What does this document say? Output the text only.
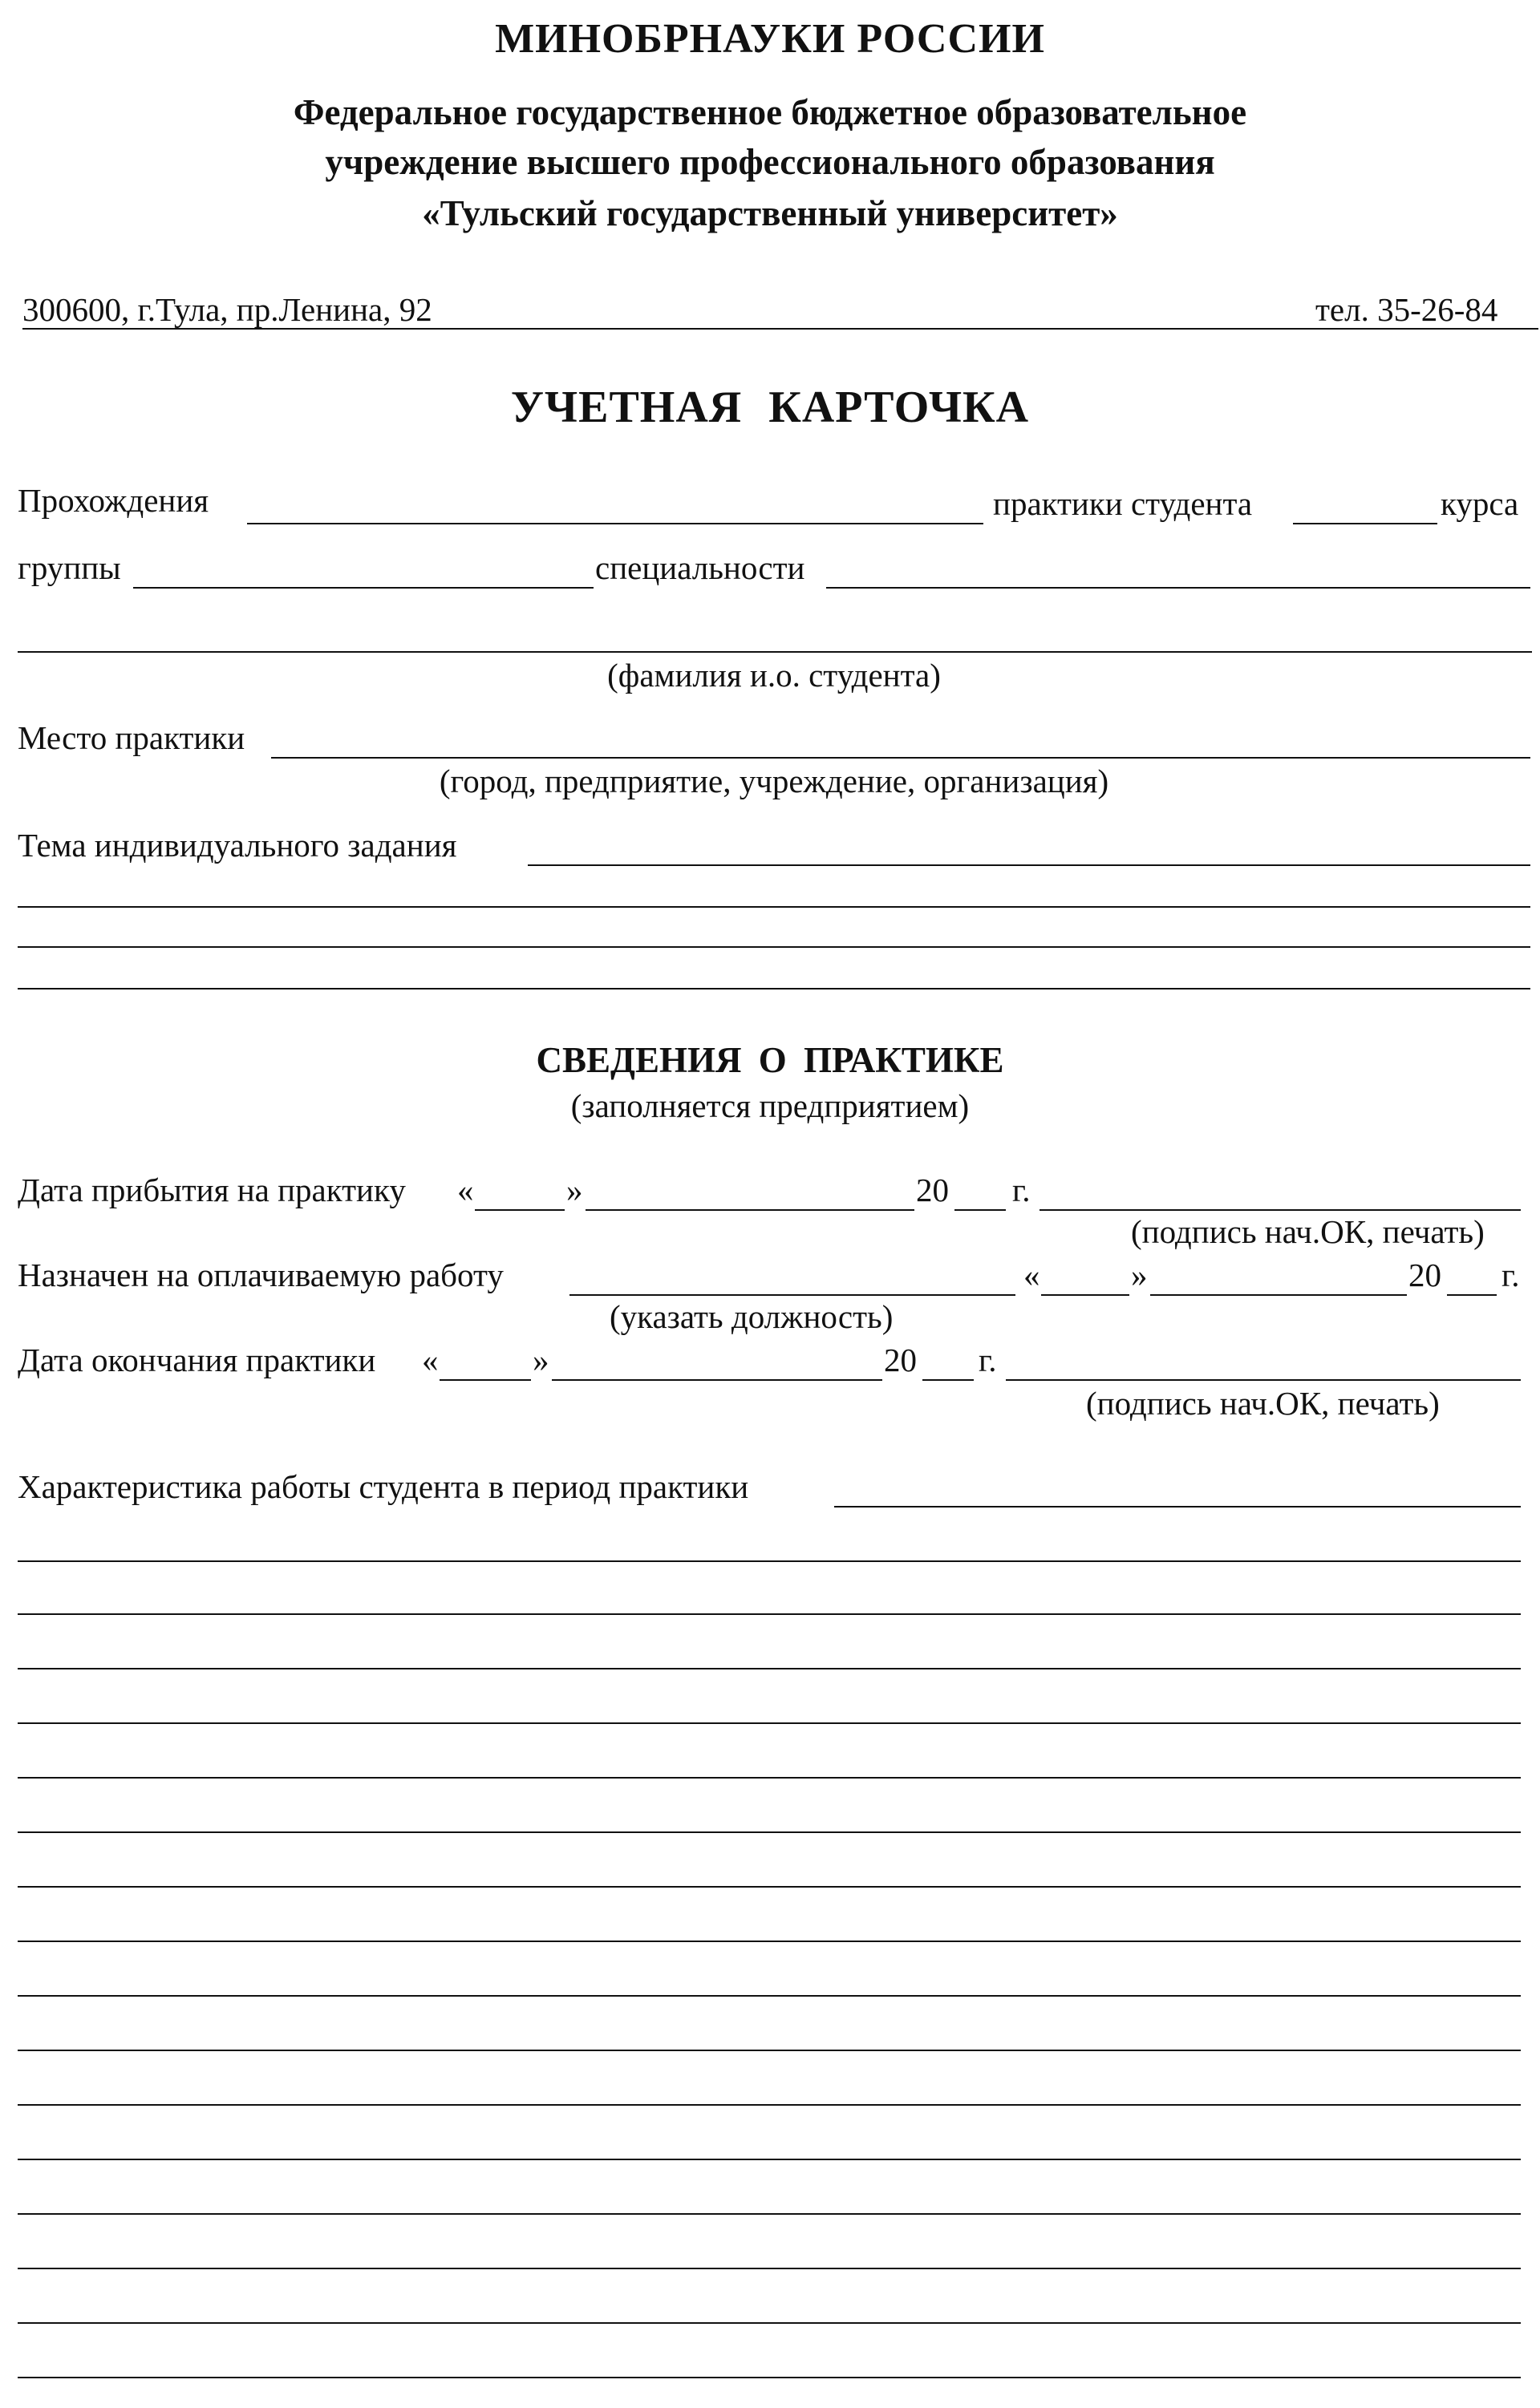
МИНОБРНАУКИ РОССИИ
Федеральное государственное бюджетное образовательное
учреждение высшего профессионального образования
«Тульский государственный университет»
300600, г.Тула, пр.Ленина, 92	тел. 35-26-84
УЧЕТНАЯ КАРТОЧКА
Прохождения	практики студента	курса
группы	специальности
(фамилия и.о. студента)
Место практики
(город, предприятие, учреждение, организация)
Тема индивидуального задания
СВЕДЕНИЯ О ПРАКТИКЕ
(заполняется предприятием)
Дата прибытия на практику «	»	20 г.
(подпись нач.ОК, печать)
Назначен на оплачиваемую работу	«	»	20 г.
(указать должность)
Дата окончания практики «	»	20 г.
(подпись нач.ОК, печать)
Характеристика работы студента в период практики
